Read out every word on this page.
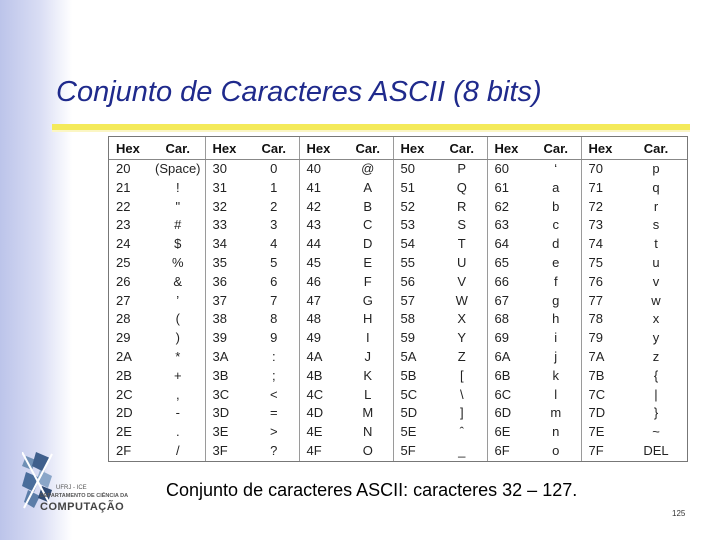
Conjunto de Caracteres ASCII (8 bits)
Hex	Car.	Hex	Car.	Hex	Car.	Hex	Car.	Hex	Car.	Hex	Car.
20	(Space)	30	0	40	@	50	P	60	‘	70	p
21	!	31	1	41	A	51	Q	61	a	71	q
22	"	32	2	42	B	52	R	62	b	72	r
23	#	33	3	43	C	53	S	63	c	73	s
24	$	34	4	44	D	54	T	64	d	74	t
25	%	35	5	45	E	55	U	65	e	75	u
26	&	36	6	46	F	56	V	66	f	76	v
27	’	37	7	47	G	57	W	67	g	77	w
28	(	38	8	48	H	58	X	68	h	78	x
29	)	39	9	49	I	59	Y	69	i	79	y
2A	*	3A	:	4A	J	5A	Z	6A	j	7A	z
2B	+	3B	;	4B	K	5B	[	6B	k	7B	{
2C	,	3C	<	4C	L	5C	\	6C	l	7C	|
2D	-	3D	=	4D	M	5D	]	6D	m	7D	}
2E	.	3E	>	4E	N	5E	ˆ	6E	n	7E	~
2F	/	3F	?	4F	O	5F	_	6F	o	7F	DEL
UFRJ - ICE
DEPARTAMENTO DE CIÊNCIA DA
COMPUTAÇÃO
Conjunto de caracteres ASCII: caracteres 32 – 127.
125
